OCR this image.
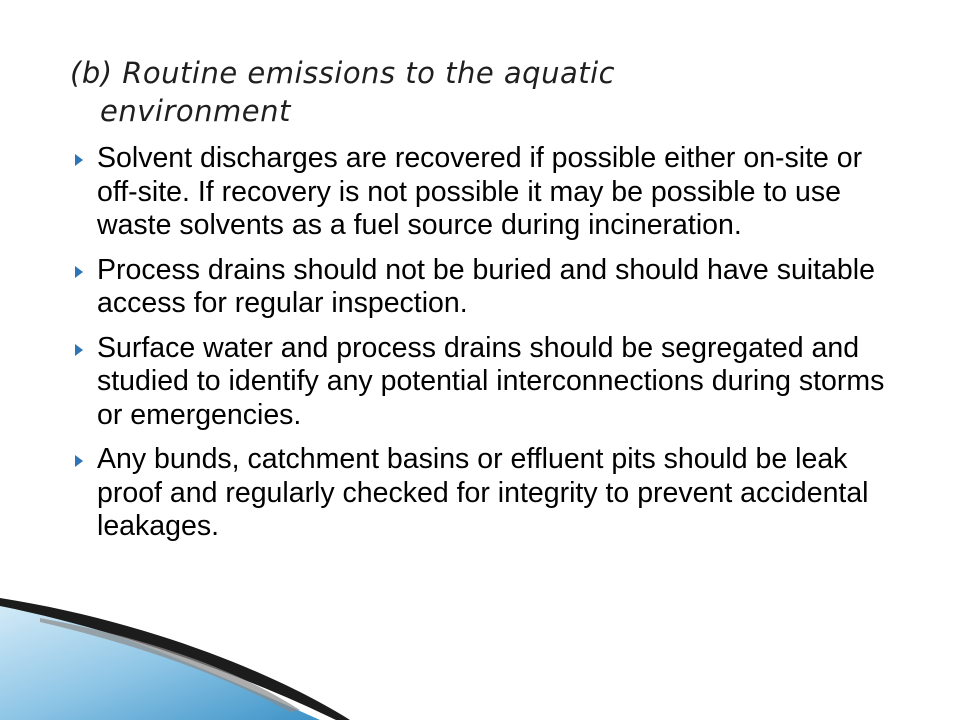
(b) Routine emissions to the aquatic
environment
Solvent discharges are recovered if possible either on-site or off-site. If recovery is not possible it may be possible to use waste solvents as a fuel source during incineration.
Process drains should not be buried and should have suitable access for regular inspection.
Surface water and process drains should be segregated and studied to identify any potential interconnections during storms or emergencies.
Any bunds, catchment basins or effluent pits should be leak proof and regularly checked for integrity to prevent accidental leakages.
